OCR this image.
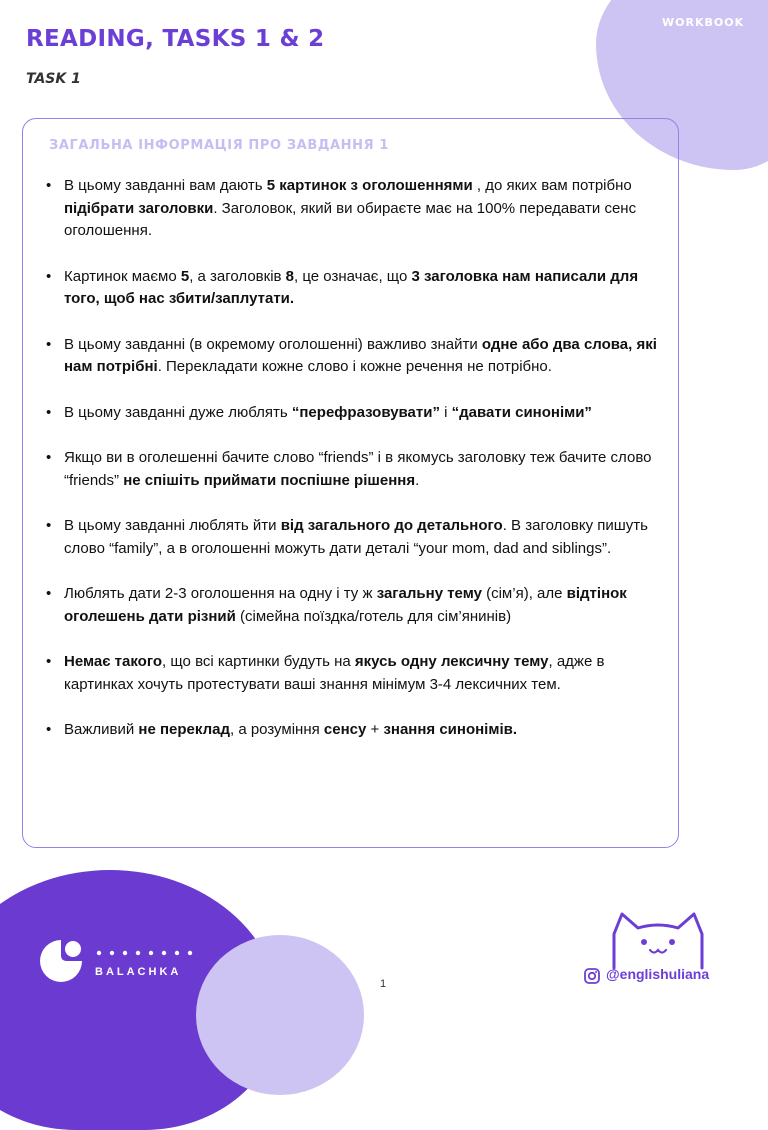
WORKBOOK
READING, TASKS 1 & 2
TASK 1
ЗАГАЛЬНА ІНФОРМАЦІЯ ПРО ЗАВДАННЯ 1
• В цьому завданні вам дають 5 картинок з оголошеннями , до яких вам потрібно підібрати заголовки. Заголовок, який ви обираєте має на 100% передавати сенс оголошення.
• Картинок маємо 5, а заголовків 8, це означає, що 3 заголовка нам написали для того, щоб нас збити/заплутати.
• В цьому завданні (в окремому оголошенні) важливо знайти одне або два слова, які нам потрібні. Перекладати кожне слово і кожне речення не потрібно.
• В цьому завданні дуже люблять “перефразовувати” і “давати синоніми”
• Якщо ви в оголешенні бачите слово “friends” і в якомусь заголовку теж бачите слово “friends” не спішіть приймати поспішне рішення.
• В цьому завданні люблять йти від загального до детального. В заголовку пишуть слово “family”, а в оголошенні можуть дати деталі “your mom, dad and siblings”.
• Люблять дати 2-3 оголошення на одну і ту ж загальну тему (сім’я), але відтінок оголешень дати різний (сімейна поїздка/готель для сім’янинів)
• Немає такого, що всі картинки будуть на якусь одну лексичну тему, адже в картинках хочуть протестувати ваші знання мінімум 3-4 лексичних тем.
• Важливий не переклад, а розуміння сенсу + знання синонімів.
BALACHKA
1
@englishuliana
